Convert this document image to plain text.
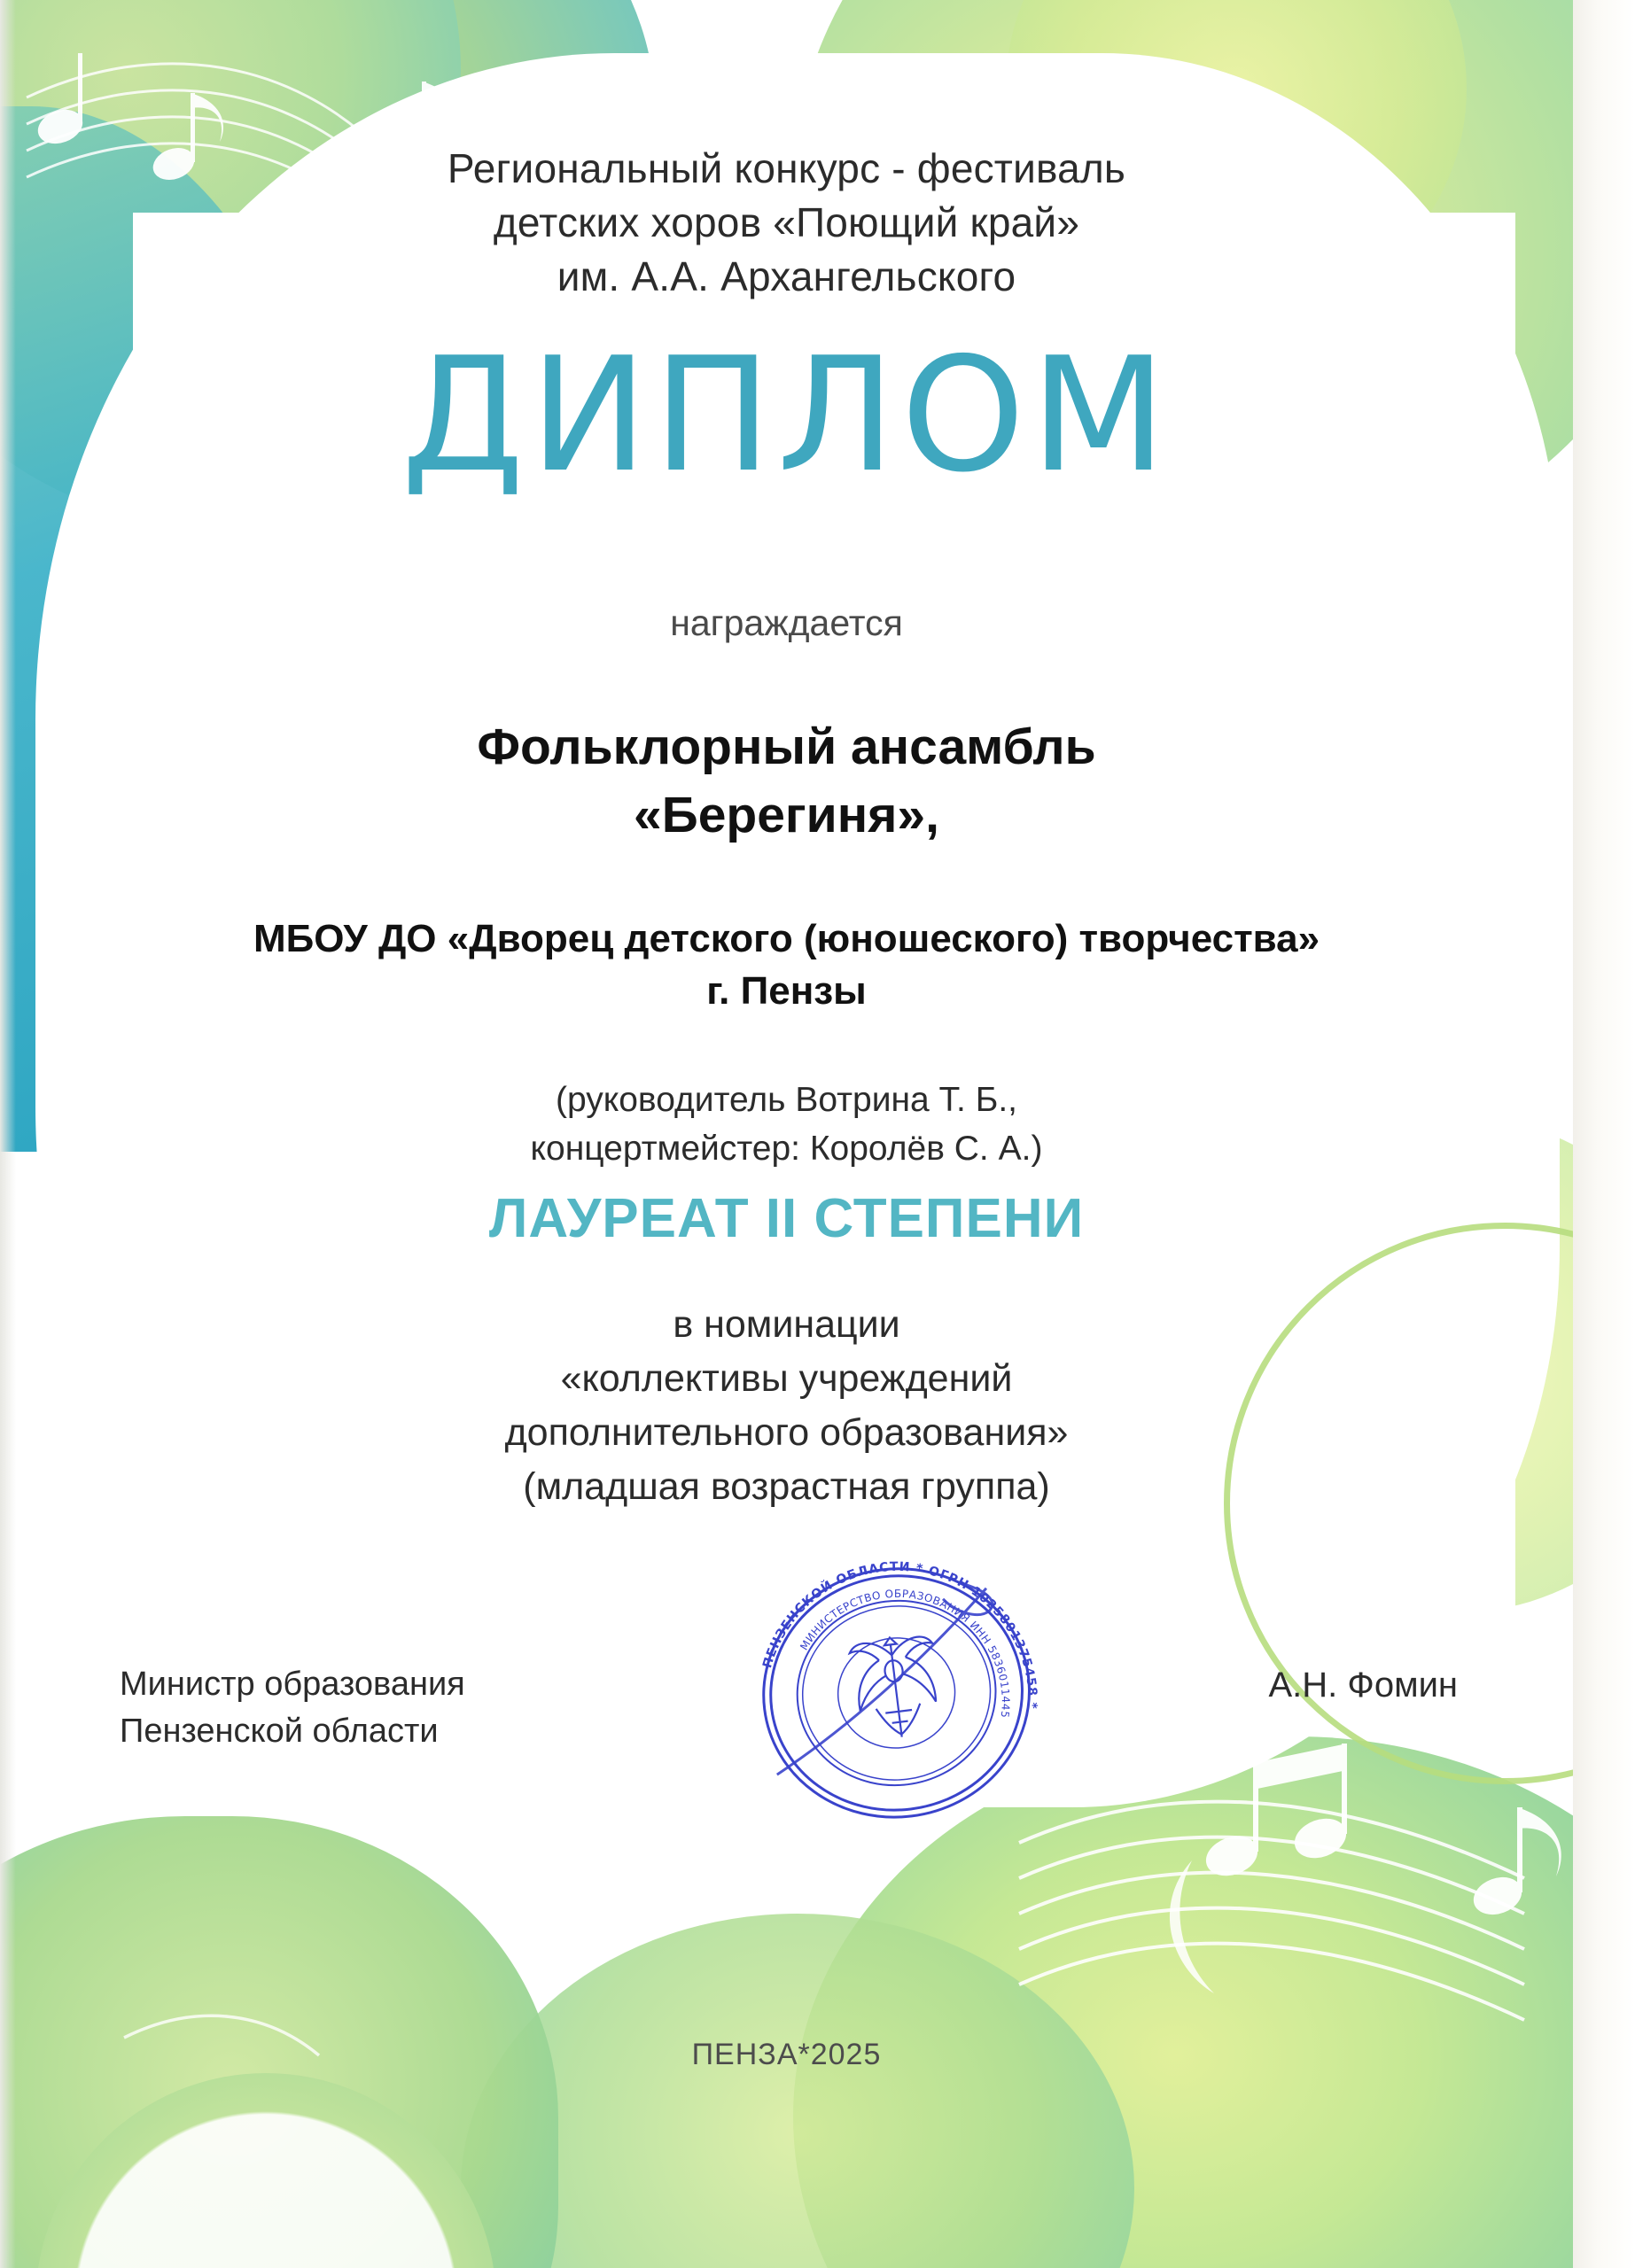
Региональный конкурс - фестиваль
детских хоров «Поющий край»
им. А.А. Архангельского
ДИПЛОМ
награждается
Фольклорный ансамбль
«Берегиня»,
МБОУ ДО «Дворец детского (юношеского) творчества»
г. Пензы
(руководитель Вотрина Т. Б.,
концертмейстер: Королёв С. А.)
ЛАУРЕАТ II СТЕПЕНИ
в номинации
«коллективы учреждений
дополнительного образования»
(младшая возрастная группа)
Министр образования
Пензенской области
А.Н. Фомин
ПЕНЗА*2025
ПЕНЗЕНСКОЙ ОБЛАСТИ * ОГРН 1025801375458 *
МИНИСТЕРСТВО ОБРАЗОВАНИЯ ИНН 5836011445
